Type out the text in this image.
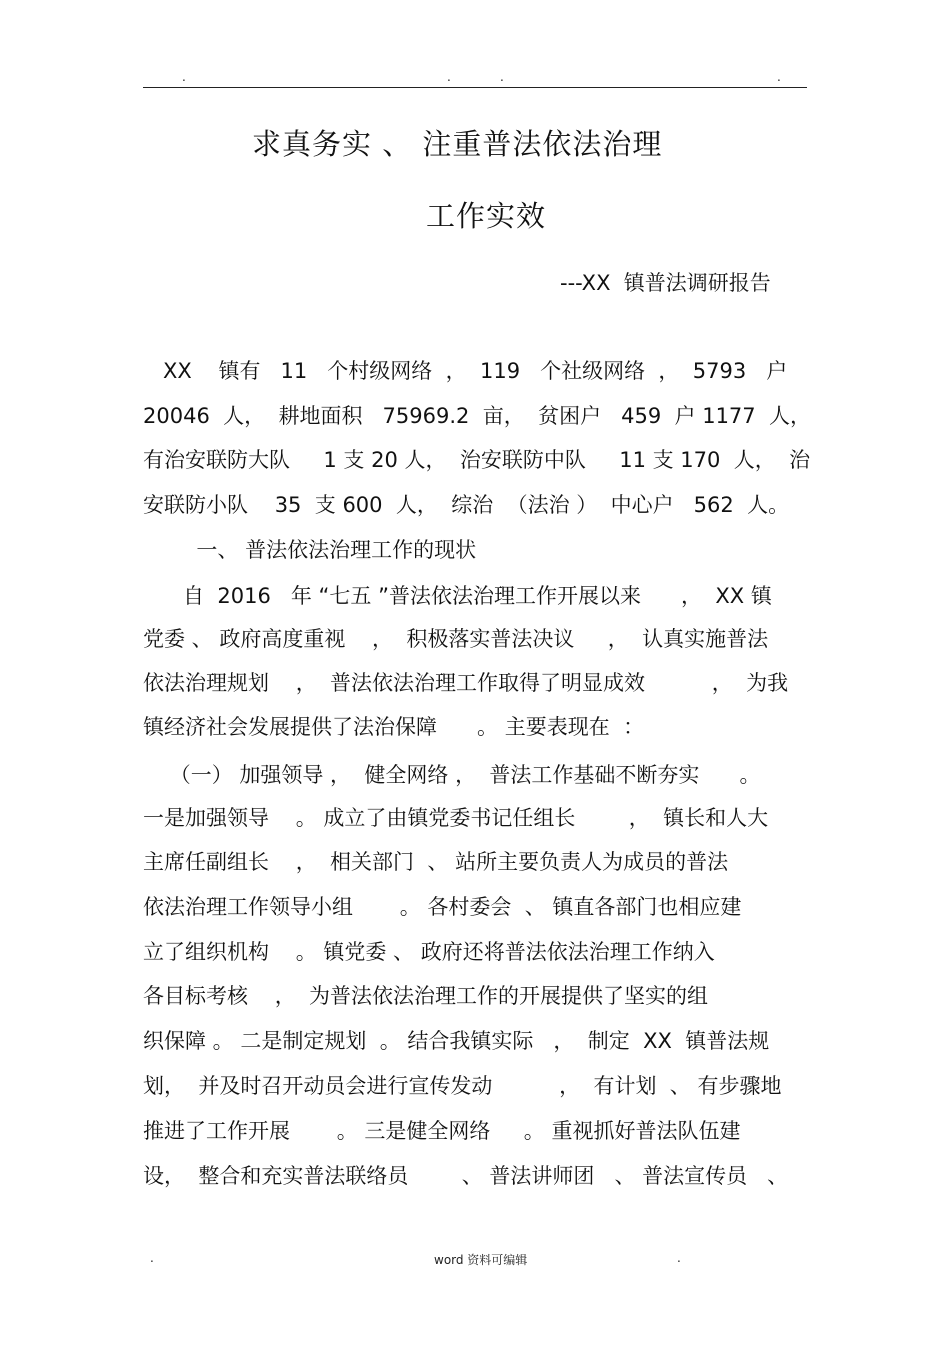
.	.	.	.
求真务实 、 注重普法依法治理
工作实效
---XX  镇普法调研报告
XX    镇有   11   个村级网络  ，  119   个社级网络  ，  5793   户
20046  人，  耕地面积   75969.2  亩，  贫困户   459  户 1177  人，
有治安联防大队     1 支 20 人，  治安联防中队     11 支 170  人，  治
安联防小队    35  支 600  人，  综治  （法治 ）  中心户   562  人。
一、 普法依法治理工作的现状
自  2016   年 “七五 ”普法依法治理工作开展以来      ，  XX 镇
党委 、 政府高度重视    ，  积极落实普法决议     ，  认真实施普法
依法治理规划    ，  普法依法治理工作取得了明显成效          ，  为我
镇经济社会发展提供了法治保障      。 主要表现在  ：
（一） 加强领导 ，  健全网络 ，  普法工作基础不断夯实      。
一是加强领导    。 成立了由镇党委书记任组长        ，  镇长和人大
主席任副组长    ，  相关部门  、 站所主要负责人为成员的普法
依法治理工作领导小组       。 各村委会  、 镇直各部门也相应建
立了组织机构    。 镇党委 、 政府还将普法依法治理工作纳入
各目标考核    ，  为普法依法治理工作的开展提供了坚实的组
织保障 。 二是制定规划  。 结合我镇实际   ，  制定  XX  镇普法规
划，  并及时召开动员会进行宣传发动          ，  有计划  、 有步骤地
推进了工作开展       。 三是健全网络     。 重视抓好普法队伍建
设，  整合和充实普法联络员        、 普法讲师团   、 普法宣传员   、
.	word 资料可编辑	.
